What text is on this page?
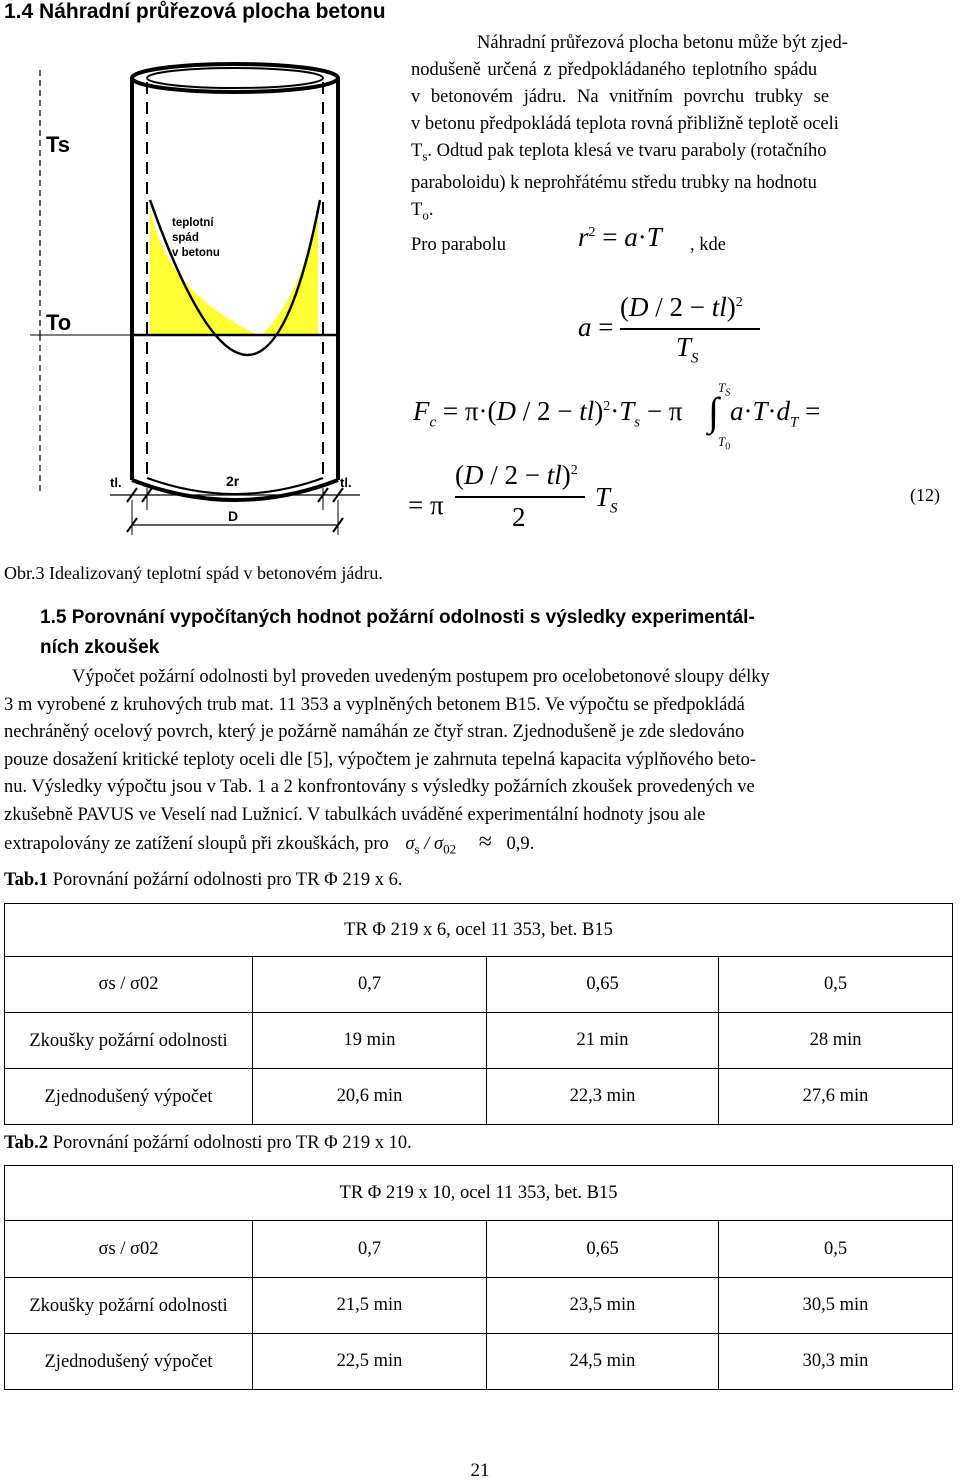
1.4 Náhradní průřezová plocha betonu
Ts
To
teplotní
spád
v betonu
tl.	tl.
2r
D
Náhradní průřezová plocha betonu může být zjed-
nodušeně určená z předpokládaného teplotního spádu
v betonovém jádru. Na vnitřním povrchu trubky se
v betonu předpokládá teplota rovná přibližně teplotě oceli
$T_s$. Odtud pak teplota klesá ve tvaru paraboly (rotačního
paraboloidu) k neprohřátému středu trubky na hodnotu
$T_o$.
Pro parabolu	$r^2 = a\cdot T$ , kde
a =
(D / 2 − tl)$^2$
$T_S$
$F_c = \pi\cdot(D / 2 - tl)^2\cdot T_s - \pi$
$T_S$
∫
$T_0$
$a\cdot T\cdot d_T$ =
= π
(D / 2 − tl)$^2$
2
$T_S$
(12)
Obr.3 Idealizovaný teplotní spád v betonovém jádru.
1.5 Porovnání vypočítaných hodnot požární odolnosti s výsledky experimentál-
ních zkoušek
Výpočet požární odolnosti byl proveden uvedeným postupem pro ocelobetonové sloupy délky
3 m vyrobené z kruhových trub mat. 11 353 a vyplněných betonem B15. Ve výpočtu se předpokládá
nechráněný ocelový povrch, který je požárně namáhán ze čtyř stran. Zjednodušeně je zde sledováno
pouze dosažení kritické teploty oceli dle [5], výpočtem je zahrnuta tepelná kapacita výplňového beto-
nu. Výsledky výpočtu jsou v Tab. 1 a 2 konfrontovány s výsledky požárních zkoušek provedených ve
zkušebně PAVUS ve Veselí nad Lužnicí. V tabulkách uváděné experimentální hodnoty jsou ale
extrapolovány ze zatížení sloupů při zkouškách, pro $\sigma_s / \sigma_{02} \approx 0,9$.
Tab.1 Porovnání požární odolnosti pro TR Φ 219 x 6.
TR Φ 219 x 6, ocel 11 353, bet. B15			
σs / σ02	0,7	0,65	0,5
Zkoušky požární odolnosti	19 min	21 min	28 min
Zjednodušený výpočet	20,6 min	22,3 min	27,6 min
Tab.2 Porovnání požární odolnosti pro TR Φ 219 x 10.
TR Φ 219 x 10, ocel 11 353, bet. B15			
σs / σ02	0,7	0,65	0,5
Zkoušky požární odolnosti	21,5 min	23,5 min	30,5 min
Zjednodušený výpočet	22,5 min	24,5 min	30,3 min
21
